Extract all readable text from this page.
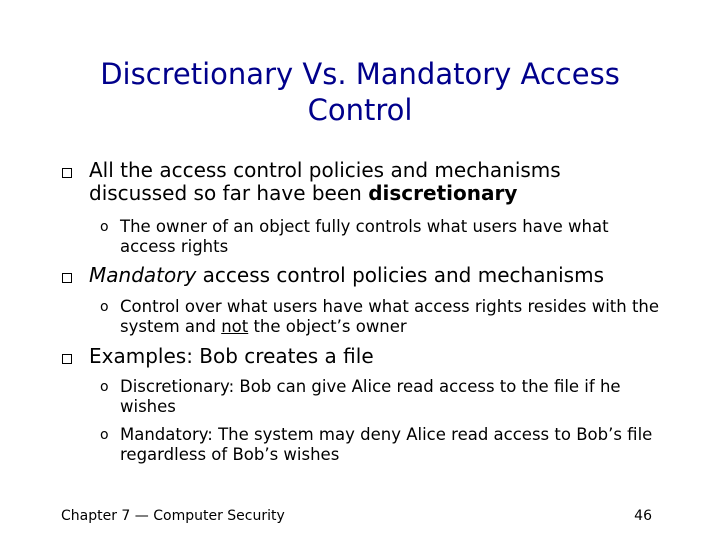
Discretionary Vs. Mandatory Access
Control
All the access control policies and mechanisms discussed so far have been discretionary
o The owner of an object fully controls what users have what access rights
Mandatory access control policies and mechanisms
o Control over what users have what access rights resides with the system and not the object’s owner
Examples: Bob creates a file
o Discretionary: Bob can give Alice read access to the file if he wishes
o Mandatory: The system may deny Alice read access to Bob’s file regardless of Bob’s wishes
Chapter 7 — Computer Security	46
